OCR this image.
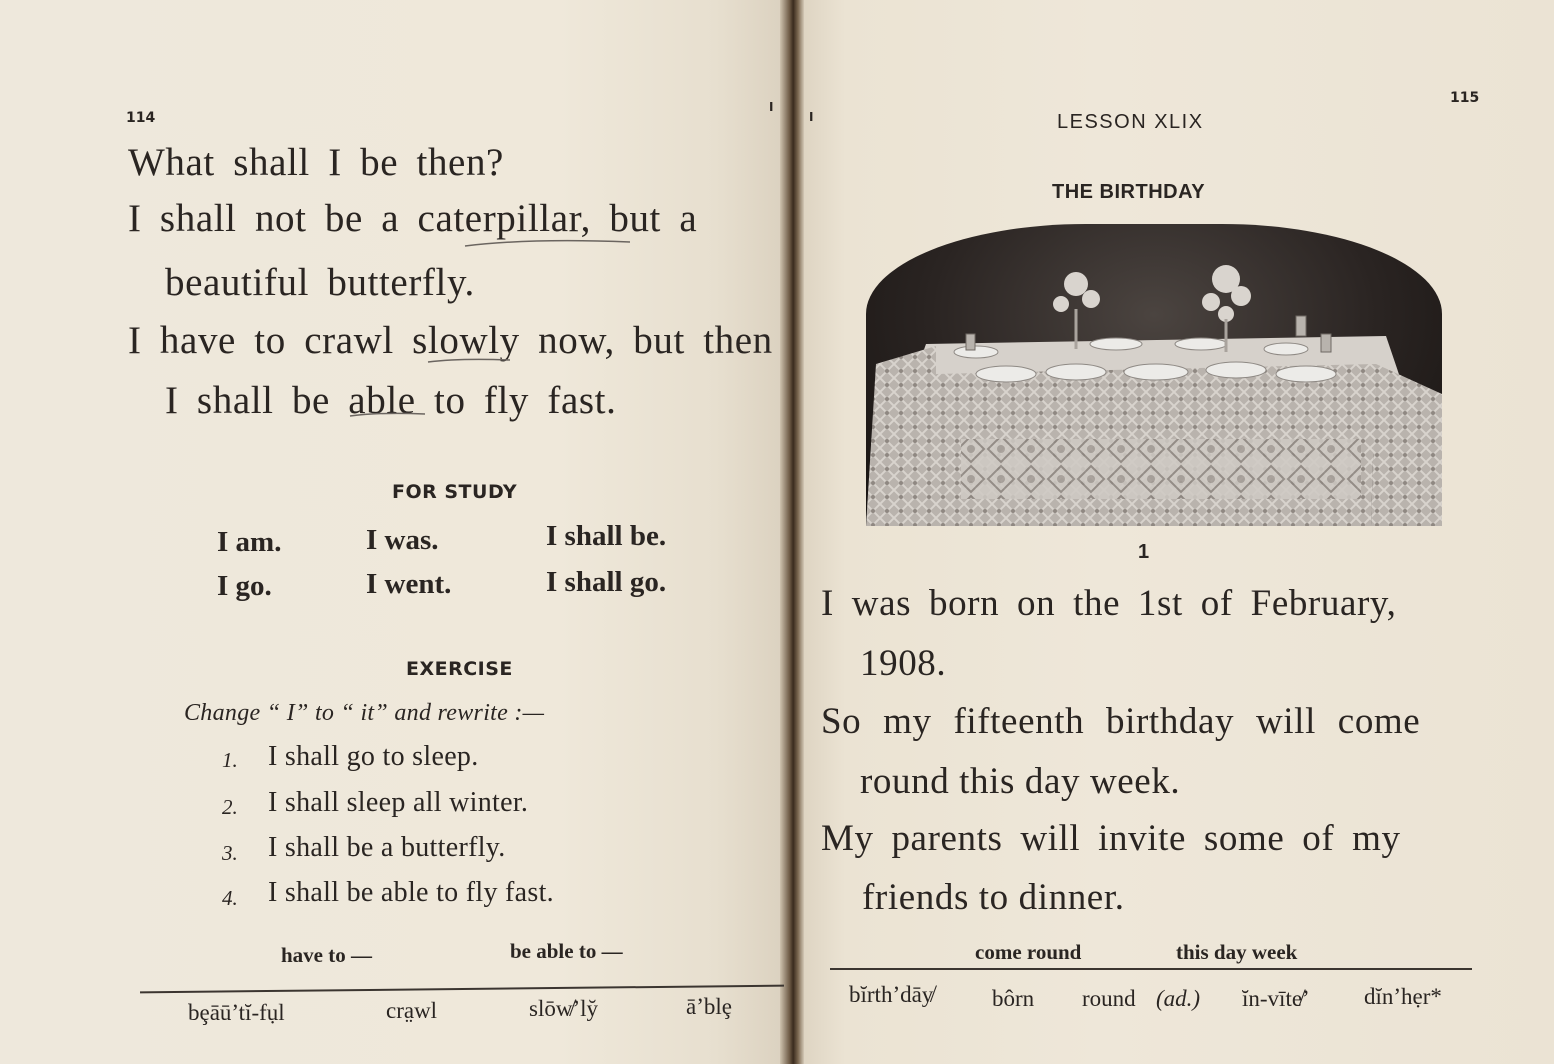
114
I
What shall I be then?
I shall not be a caterpillar, but a
beautiful butterfly.
I have to crawl slowly now, but then
I shall be able to fly fast.
FOR STUDY
I am.	I was.	I shall be.
I go.	I went.	I shall go.
EXERCISE
Change “ I” to “ it” and rewrite :—
1. I shall go to sleep.
2. I shall sleep all winter.
3. I shall be a butterfly.
4. I shall be able to fly fast.
have to —	be able to —
bȩāū’tĭ-fụl	cra̤wl	slōw̸’ly̆	ā’blȩ
I
115
LESSON XLIX
THE BIRTHDAY
1
I was born on the 1st of February,
1908.
So my fifteenth birthday will come
round this day week.
My parents will invite some of my
friends to dinner.
come round	this day week
bĭrth’dāy̸	bôrn round (ad.) ĭn-vīte̸’ dĭn’hẹr*
